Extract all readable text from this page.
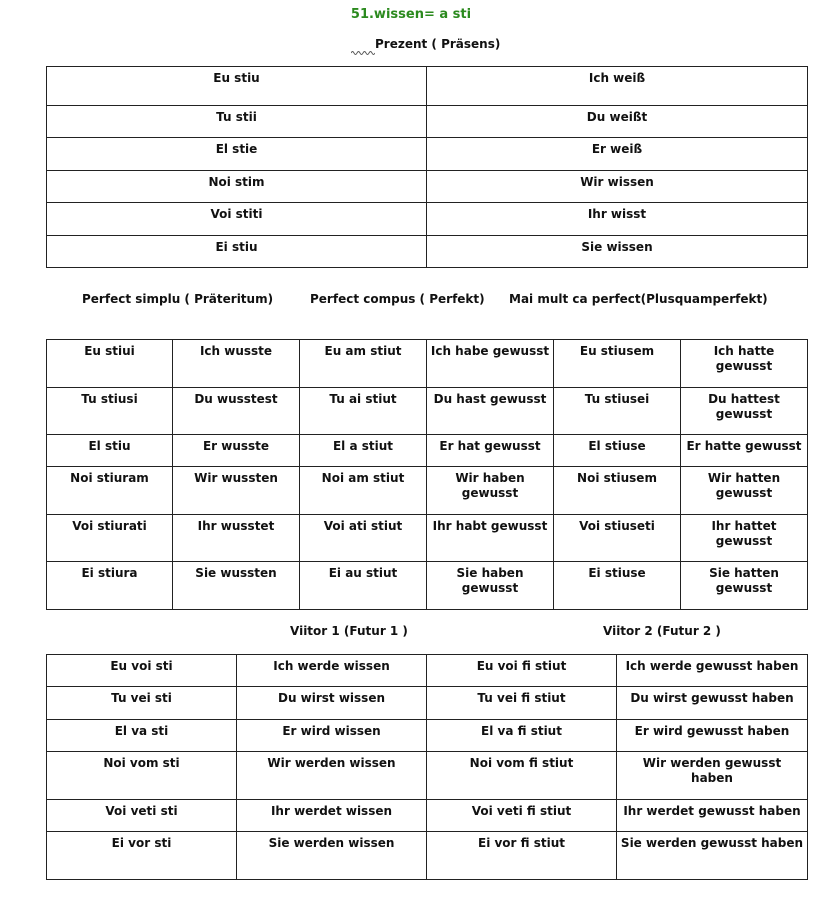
51.wissen= a sti
Prezent ( Präsens)
Eu stiu	Ich weiß
Tu stii	Du weißt
El stie	Er weiß
Noi stim	Wir wissen
Voi stiti	Ihr wisst
Ei stiu	Sie wissen
Perfect simplu ( Präteritum)	Perfect compus ( Perfekt) Mai mult ca perfect(Plusquamperfekt)
Eu stiui	Ich wusste	Eu am stiut	Ich habe gewusst	Eu stiusem	Ich hatte gewusst
Tu stiusi	Du wusstest	Tu ai stiut	Du hast gewusst	Tu stiusei	Du hattest gewusst
El stiu	Er wusste	El a stiut	Er hat gewusst	El stiuse	Er hatte gewusst
Noi stiuram	Wir wussten	Noi am stiut	Wir haben gewusst	Noi stiusem	Wir hatten gewusst
Voi stiurati	Ihr wusstet	Voi ati stiut	Ihr habt gewusst	Voi stiuseti	Ihr hattet gewusst
Ei stiura	Sie wussten	Ei au stiut	Sie haben gewusst	Ei stiuse	Sie hatten gewusst
Viitor 1 (Futur 1 )	Viitor 2 (Futur 2 )
Eu voi sti	Ich werde wissen	Eu voi fi stiut	Ich werde gewusst haben
Tu vei sti	Du wirst wissen	Tu vei fi stiut	Du wirst gewusst haben
El va sti	Er wird wissen	El va fi stiut	Er wird gewusst haben
Noi vom sti	Wir werden wissen	Noi vom fi stiut	Wir werden gewusst haben
Voi veti sti	Ihr werdet wissen	Voi veti fi stiut	Ihr werdet gewusst haben
Ei vor sti	Sie werden wissen	Ei vor fi stiut	Sie werden gewusst haben
